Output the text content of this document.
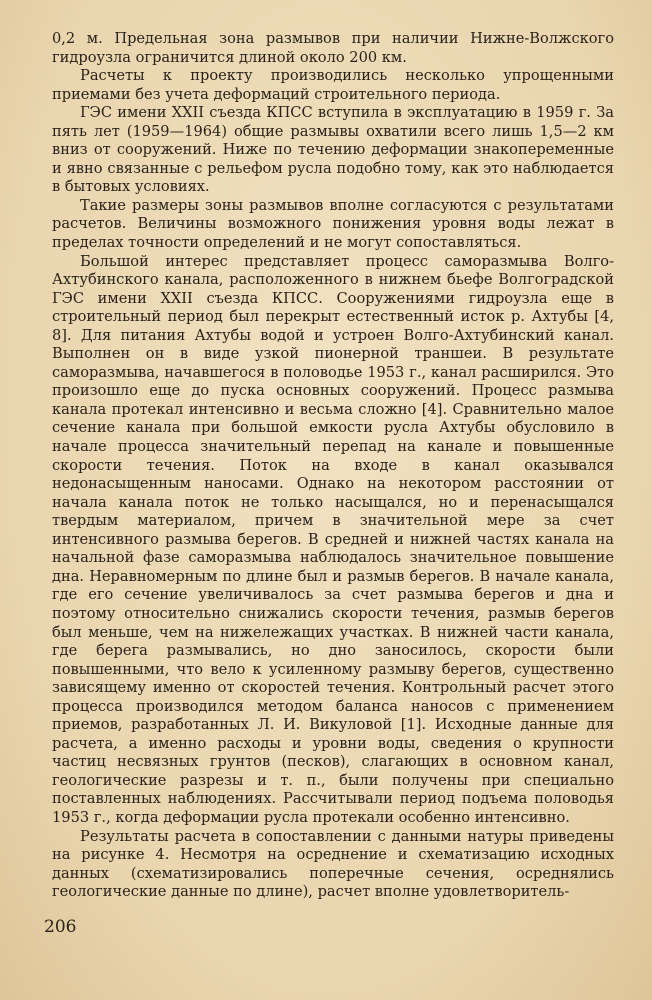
0,2 м. Предельная зона размывов при наличии Нижне-Волжского гидроузла ограничится длиной около 200 км.

Расчеты к проекту производились несколько упрощенными приемами без учета деформаций строительного периода.

ГЭС имени XXII съезда КПСС вступила в эксплуатацию в 1959 г. За пять лет (1959—1964) общие размывы охватили всего лишь 1,5—2 км вниз от сооружений. Ниже по течению деформации знакопеременные и явно связанные с рельефом русла подобно тому, как это наблюдается в бытовых условиях.

Такие размеры зоны размывов вполне согласуются с результатами расчетов. Величины возможного понижения уровня воды лежат в пределах точности определений и не могут сопоставляться.

Большой интерес представляет процесс саморазмыва Волго-Ахтубинского канала, расположенного в нижнем бьефе Волгоградской ГЭС имени XXII съезда КПСС. Сооружениями гидроузла еще в строительный период был перекрыт естественный исток р. Ахтубы [4, 8]. Для питания Ахтубы водой и устроен Волго-Ахтубинский канал. Выполнен он в виде узкой пионерной траншеи. В результате саморазмыва, начавшегося в половодье 1953 г., канал расширился. Это произошло еще до пуска основных сооружений. Процесс размыва канала протекал интенсивно и весьма сложно [4]. Сравнительно малое сечение канала при большой емкости русла Ахтубы обусловило в начале процесса значительный перепад на канале и повышенные скорости течения. Поток на входе в канал оказывался недонасыщенным наносами. Однако на некотором расстоянии от начала канала поток не только насыщался, но и перенасыщался твердым материалом, причем в значительной мере за счет интенсивного размыва берегов. В средней и нижней частях канала на начальной фазе саморазмыва наблюдалось значительное повышение дна. Неравномерным по длине был и размыв берегов. В начале канала, где его сечение увеличивалось за счет размыва берегов и дна и поэтому относительно снижались скорости течения, размыв берегов был меньше, чем на нижележащих участках. В нижней части канала, где берега размывались, но дно заносилось, скорости были повышенными, что вело к усиленному размыву берегов, существенно зависящему именно от скоростей течения. Контрольный расчет этого процесса производился методом баланса наносов с применением приемов, разработанных Л. И. Викуловой [1]. Исходные данные для расчета, а именно расходы и уровни воды, сведения о крупности частиц несвязных грунтов (песков), слагающих в основном канал, геологические разрезы и т. п., были получены при специально поставленных наблюдениях. Рассчитывали период подъема половодья 1953 г., когда деформации русла протекали особенно интенсивно.

Результаты расчета в сопоставлении с данными натуры приведены на рисунке 4. Несмотря на осреднение и схематизацию исходных данных (схематизировались поперечные сечения, осреднялись геологические данные по длине), расчет вполне удовлетворитель-

206
